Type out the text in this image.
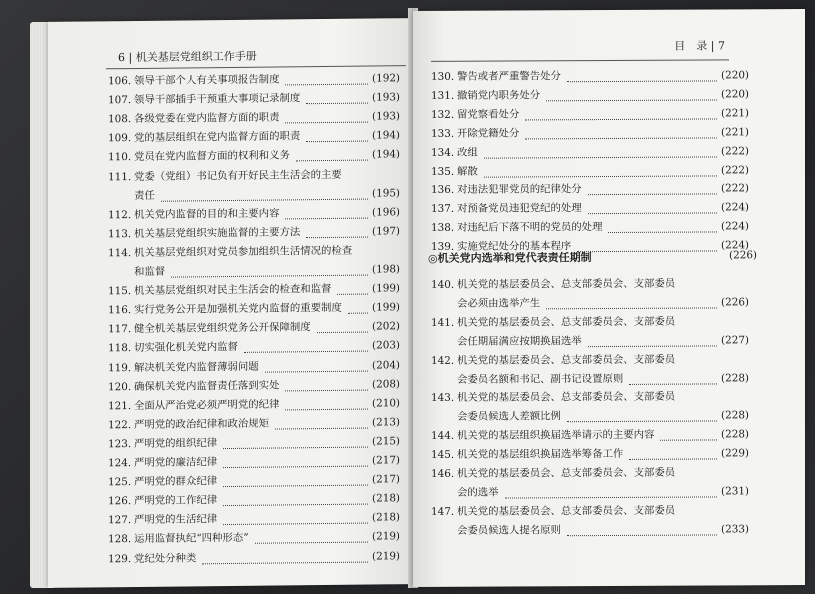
6 | 机关基层党组织工作手册
106. 领导干部个人有关事项报告制度	(192)
107. 领导干部插手干预重大事项记录制度	(193)
108. 各级党委在党内监督方面的职责	(193)
109. 党的基层组织在党内监督方面的职责	(194)
110. 党员在党内监督方面的权利和义务	(194)
111. 党委（党组）书记负有开好民主生活会的主要
责任	(195)
112. 机关党内监督的目的和主要内容	(196)
113. 机关基层党组织实施监督的主要方法	(197)
114. 机关基层党组织对党员参加组织生活情况的检查
和监督	(198)
115. 机关基层党组织对民主生活会的检查和监督	(199)
116. 实行党务公开是加强机关党内监督的重要制度	(199)
117. 健全机关基层党组织党务公开保障制度	(202)
118. 切实强化机关党内监督	(203)
119. 解决机关党内监督薄弱问题	(204)
120. 确保机关党内监督责任落到实处	(208)
121. 全面从严治党必须严明党的纪律	(210)
122. 严明党的政治纪律和政治规矩	(213)
123. 严明党的组织纪律	(215)
124. 严明党的廉洁纪律	(217)
125. 严明党的群众纪律	(217)
126. 严明党的工作纪律	(218)
127. 严明党的生活纪律	(218)
128. 运用监督执纪“四种形态”	(219)
129. 党纪处分种类	(219)
目　录 | 7
130. 警告或者严重警告处分	(220)
131. 撤销党内职务处分	(220)
132. 留党察看处分	(221)
133. 开除党籍处分	(221)
134. 改组	(222)
135. 解散	(222)
136. 对违法犯罪党员的纪律处分	(222)
137. 对预备党员违犯党纪的处理	(224)
138. 对违纪后下落不明的党员的处理	(224)
139. 实施党纪处分的基本程序	(224)
◎机关党内选举和党代表责任期制	(226)
140. 机关党的基层委员会、总支部委员会、支部委员
会必须由选举产生	(226)
141. 机关党的基层委员会、总支部委员会、支部委员
会任期届满应按期换届选举	(227)
142. 机关党的基层委员会、总支部委员会、支部委员
会委员名额和书记、副书记设置原则	(228)
143. 机关党的基层委员会、总支部委员会、支部委员
会委员候选人差额比例	(228)
144. 机关党的基层组织换届选举请示的主要内容	(228)
145. 机关党的基层组织换届选举筹备工作	(229)
146. 机关党的基层委员会、总支部委员会、支部委员
会的选举	(231)
147. 机关党的基层委员会、总支部委员会、支部委员
会委员候选人提名原则	(233)
